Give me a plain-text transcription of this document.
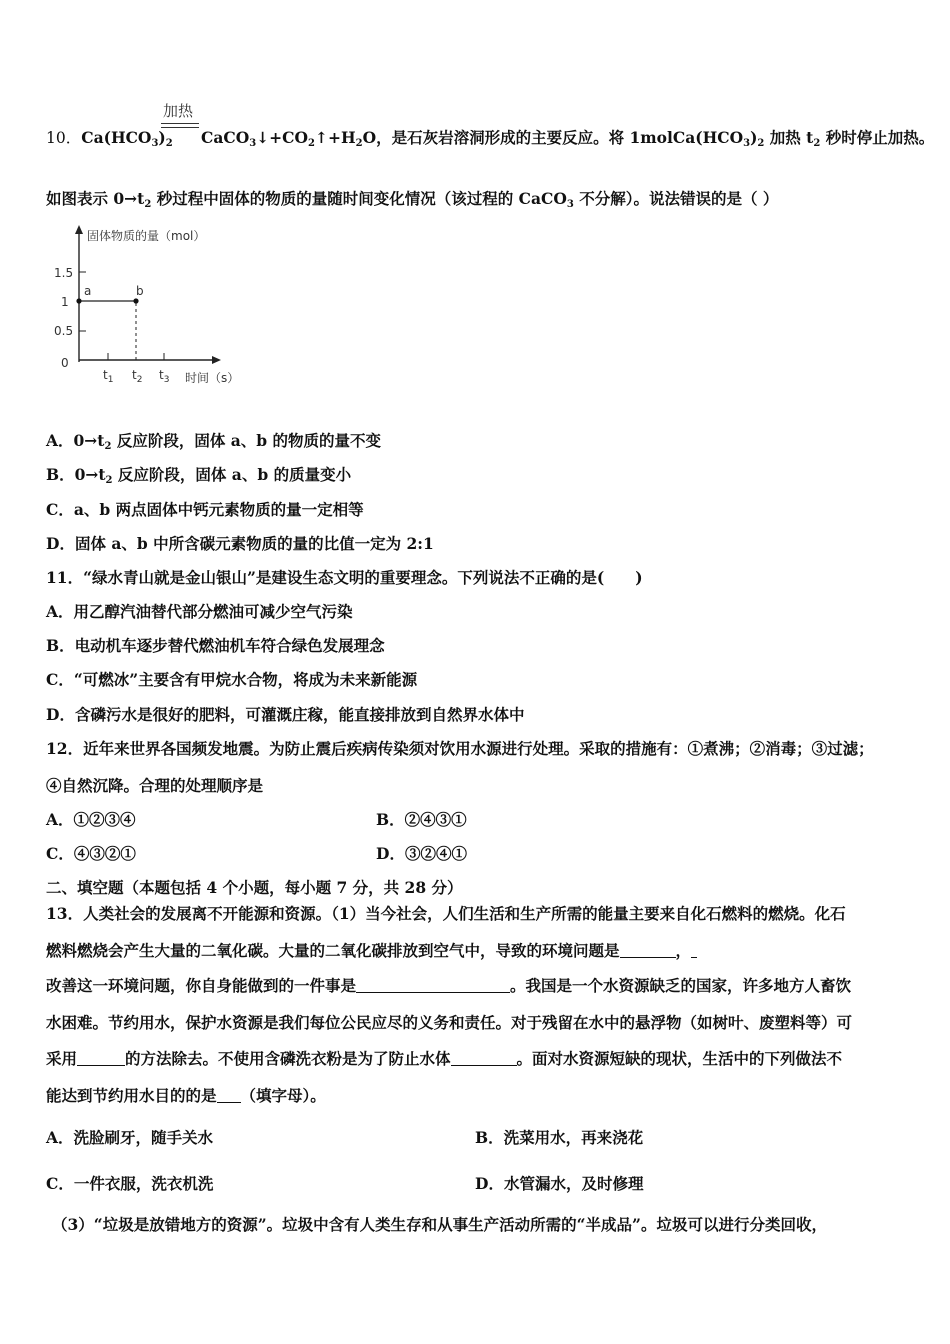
加热
10．$Ca(HCO_3)_2$ $CaCO_3↓+CO_2↑+H_2O$，是石灰岩溶洞形成的主要反应。将 $1molCa(HCO_3)_2$ 加热 $t_2$ 秒时停止加热。
如图表示 $0\to t_2$ 秒过程中固体的物质的量随时间变化情况（该过程的 CaCO$_3$ 不分解）。说法错误的是（ ）
固体物质的量（mol）
1.5
1
0.5
0
a	b
$t_1$ $t_2$ $t_3$ 时间（s）
A．$0\to t_2$ 反应阶段，固体 a、b 的物质的量不变
B．$0\to t_2$ 反应阶段，固体 a、b 的质量变小
C．a、b 两点固体中钙元素物质的量一定相等
D．固体 a、b 中所含碳元素物质的量的比值一定为 2:1
11．“绿水青山就是金山银山”是建设生态文明的重要理念。下列说法不正确的是(　　)
A．用乙醇汽油替代部分燃油可减少空气污染
B．电动机车逐步替代燃油机车符合绿色发展理念
C．“可燃冰”主要含有甲烷水合物，将成为未来新能源
D．含磷污水是很好的肥料，可灌溉庄稼，能直接排放到自然界水体中
12．近年来世界各国频发地震。为防止震后疾病传染须对饮用水源进行处理。采取的措施有：①煮沸；②消毒；③过滤；
④自然沉降。合理的处理顺序是
A．①②③④	B．②④③①
C．④③②①	D．③②④①
二、填空题（本题包括 4 个小题，每小题 7 分，共 28 分）
13．人类社会的发展离不开能源和资源。（1）当今社会，人们生活和生产所需的能量主要来自化石燃料的燃烧。化石
燃料燃烧会产生大量的二氧化碳。大量的二氧化碳排放到空气中，导致的环境问题是	，
改善这一环境问题，你自身能做到的一件事是	。我国是一个水资源缺乏的国家，许多地方人畜饮
水困难。节约用水，保护水资源是我们每位公民应尽的义务和责任。对于残留在水中的悬浮物（如树叶、废塑料等）可
采用	的方法除去。不使用含磷洗衣粉是为了防止水体	。面对水资源短缺的现状，生活中的下列做法不
能达到节约用水目的的是 （填字母）。
A．洗脸刷牙，随手关水	B．洗菜用水，再来浇花
C．一件衣服，洗衣机洗	D．水管漏水，及时修理
（3）“垃圾是放错地方的资源”。垃圾中含有人类生存和从事生产活动所需的“半成品”。垃圾可以进行分类回收，
